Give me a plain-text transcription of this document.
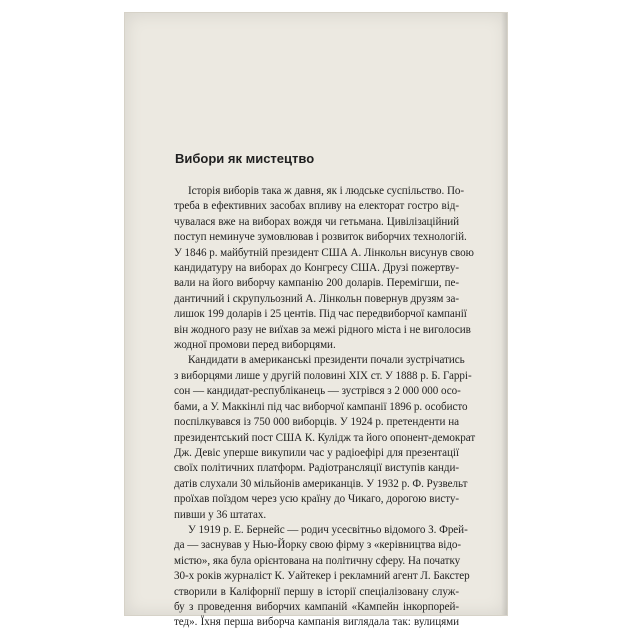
Вибори як мистецтво
Історія виборів така ж давня, як і людське суспільство. По-
треба в ефективних засобах впливу на електорат гостро від-
чувалася вже на виборах вождя чи гетьмана. Цивілізаційний
поступ неминуче зумовлював і розвиток виборчих технологій.
У 1846 р. майбутній президент США А. Лінкольн висунув свою
кандидатуру на виборах до Конгресу США. Друзі пожертву-
вали на його виборчу кампанію 200 доларів. Перемігши, пе-
дантичний і скрупульозний А. Лінкольн повернув друзям за-
лишок 199 доларів і 25 центів. Під час передвиборчої кампанії
він жодного разу не виїхав за межі рідного міста і не виголосив
жодної промови перед виборцями.
Кандидати в американські президенти почали зустрічатись
з виборцями лише у другій половині XIX ст. У 1888 р. Б. Гаррі-
сон — кандидат-республіканець — зустрівся з 2 000 000 осо-
бами, а У. Маккінлі під час виборчої кампанії 1896 р. особисто
поспілкувався із 750 000 виборців. У 1924 р. претенденти на
президентський пост США К. Кулідж та його опонент-демократ
Дж. Девіс уперше викупили час у радіоефірі для презентації
своїх політичних платформ. Радіотрансляції виступів канди-
датів слухали 30 мільйонів американців. У 1932 р. Ф. Рузвельт
проїхав поїздом через усю країну до Чикаго, дорогою висту-
пивши у 36 штатах.
У 1919 р. Е. Бернейс — родич усесвітньо відомого З. Фрей-
да — заснував у Нью-Йорку свою фірму з «керівництва відо-
містю», яка була орієнтована на політичну сферу. На початку
30-х років журналіст К. Уайтекер і рекламний агент Л. Бакстер
створили в Каліфорнії першу в історії спеціалізовану служ-
бу з проведення виборчих кампаній «Кампейн інкорпорей-
тед». Їхня перша виборча кампанія виглядала так: вулицями
